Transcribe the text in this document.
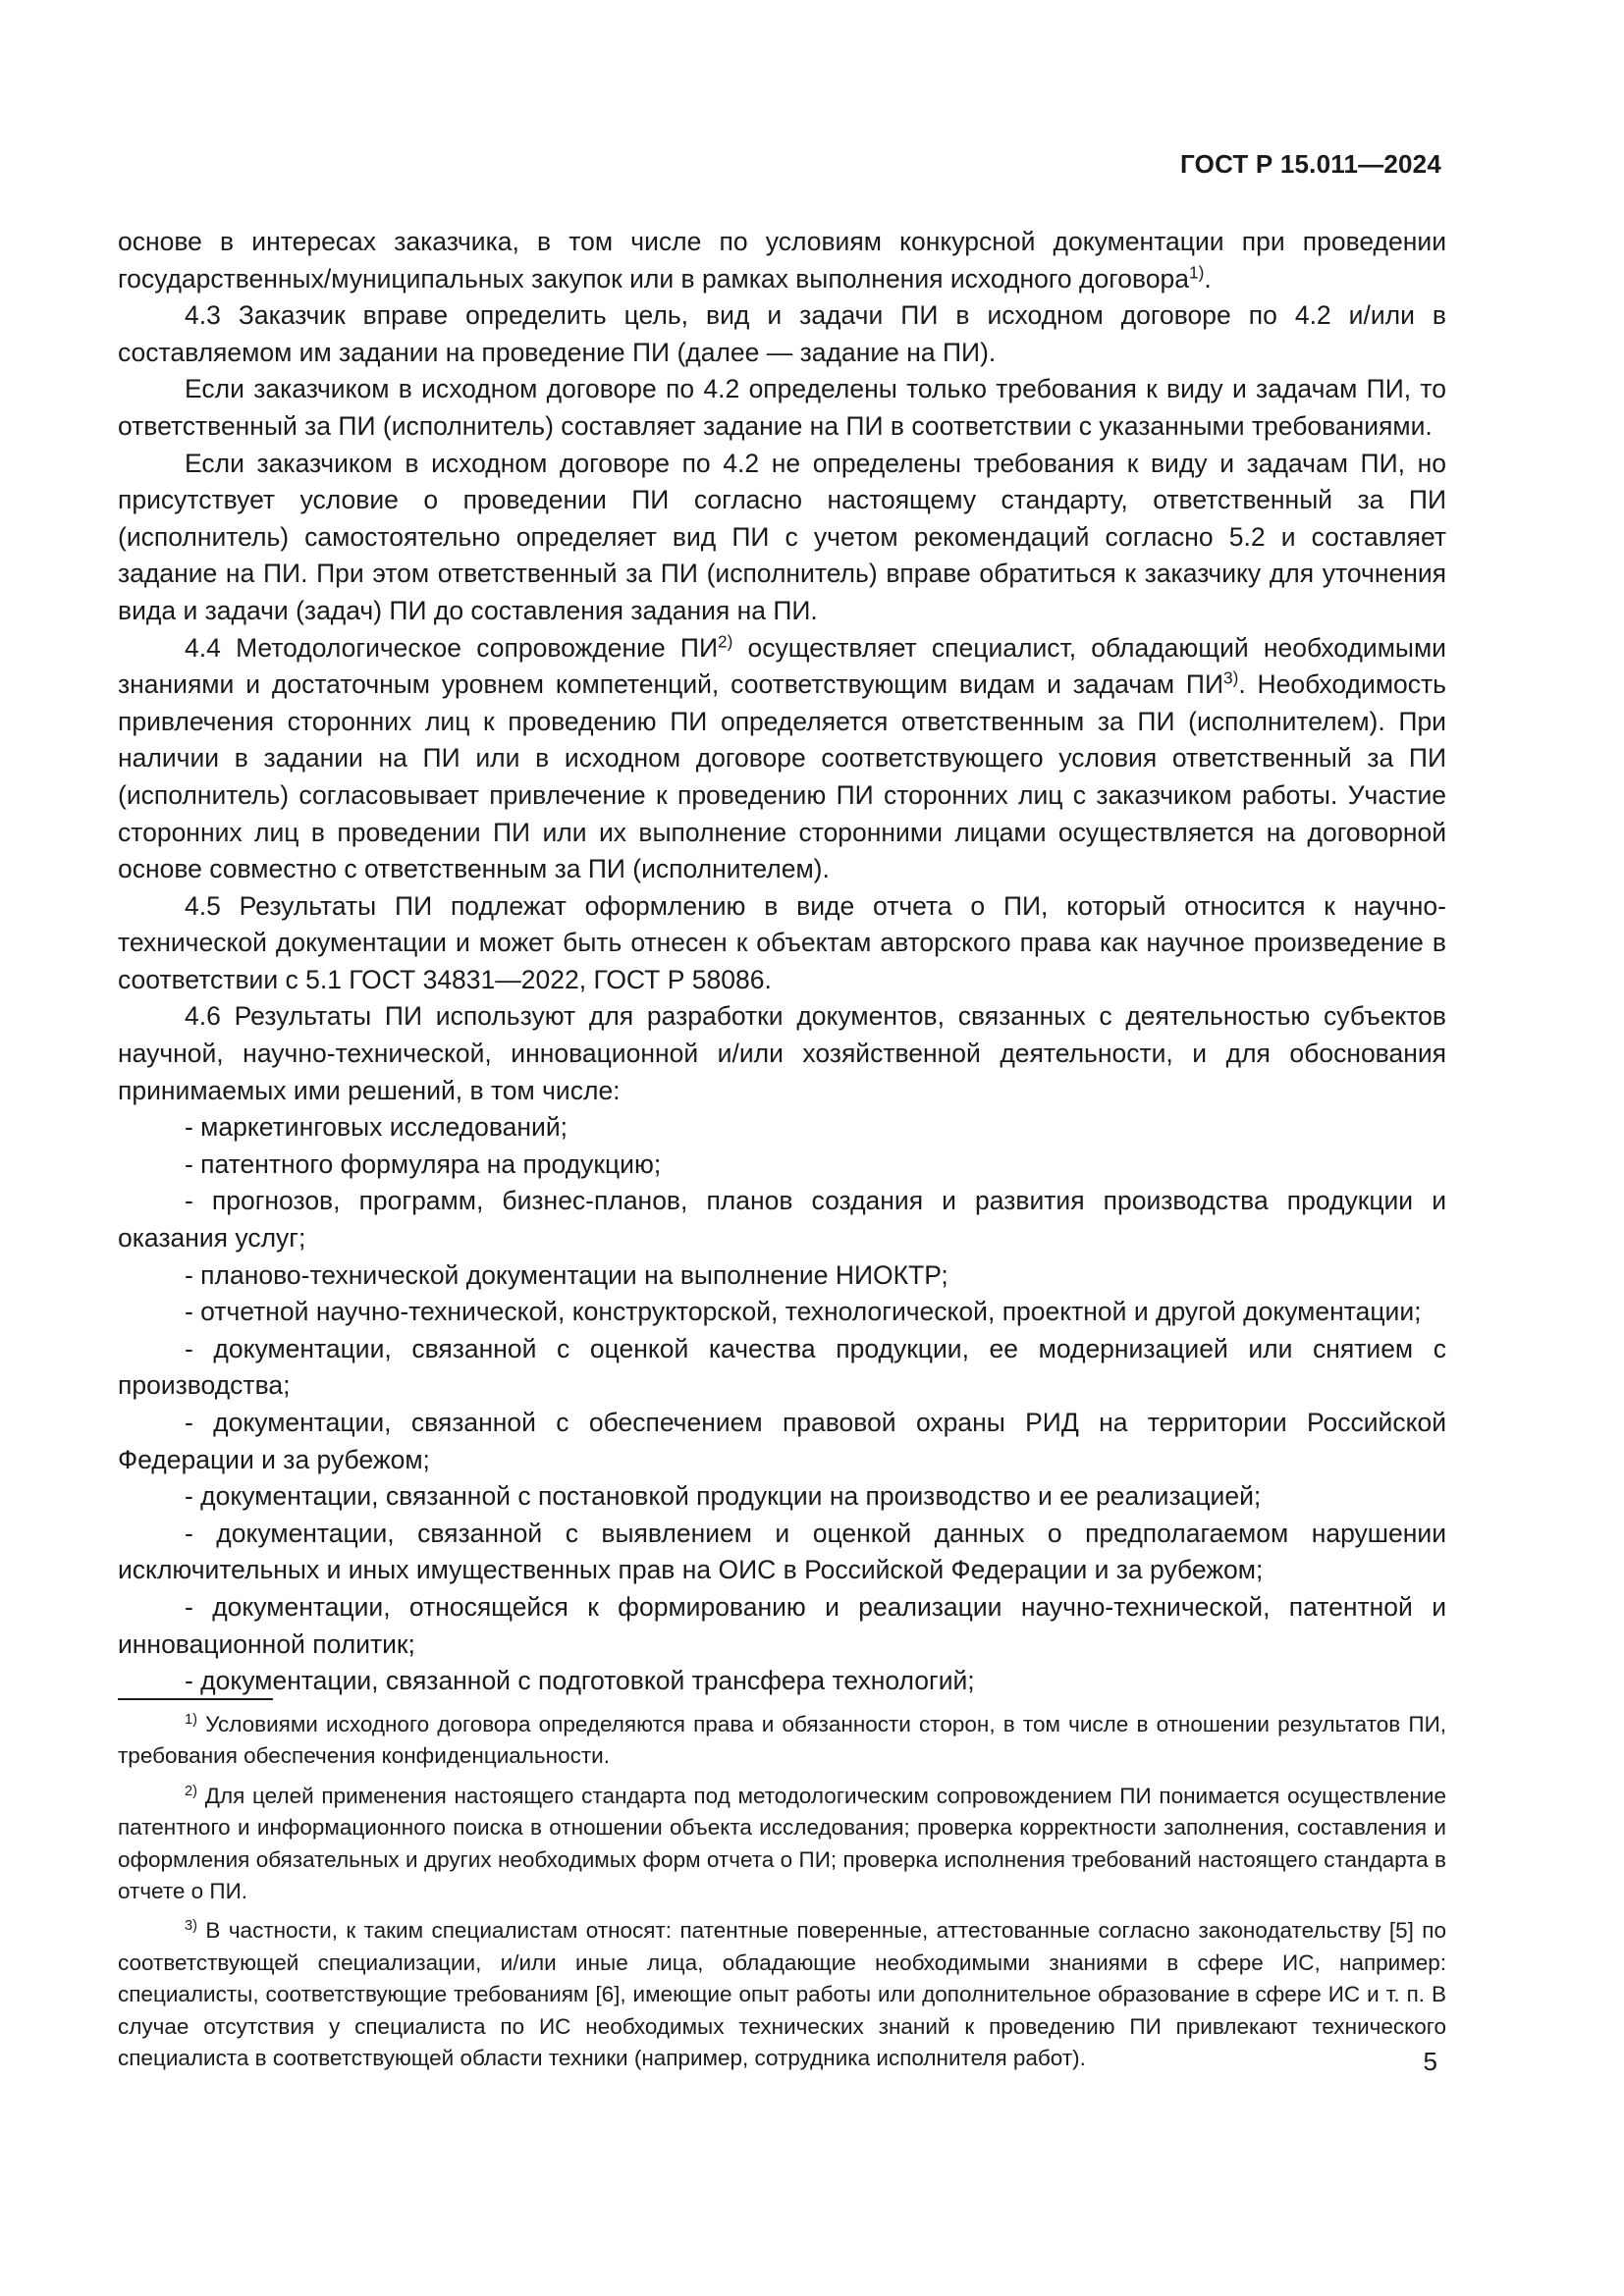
ГОСТ Р 15.011—2024

основе в интересах заказчика, в том числе по условиям конкурсной документации при проведении государственных/муниципальных закупок или в рамках выполнения исходного договора$^{1)}$.

4.3 Заказчик вправе определить цель, вид и задачи ПИ в исходном договоре по 4.2 и/или в составляемом им задании на проведение ПИ (далее — задание на ПИ).

Если заказчиком в исходном договоре по 4.2 определены только требования к виду и задачам ПИ, то ответственный за ПИ (исполнитель) составляет задание на ПИ в соответствии с указанными требованиями.

Если заказчиком в исходном договоре по 4.2 не определены требования к виду и задачам ПИ, но присутствует условие о проведении ПИ согласно настоящему стандарту, ответственный за ПИ (исполнитель) самостоятельно определяет вид ПИ с учетом рекомендаций согласно 5.2 и составляет задание на ПИ. При этом ответственный за ПИ (исполнитель) вправе обратиться к заказчику для уточнения вида и задачи (задач) ПИ до составления задания на ПИ.

4.4 Методологическое сопровождение ПИ$^{2)}$ осуществляет специалист, обладающий необходимыми знаниями и достаточным уровнем компетенций, соответствующим видам и задачам ПИ$^{3)}$. Необходимость привлечения сторонних лиц к проведению ПИ определяется ответственным за ПИ (исполнителем). При наличии в задании на ПИ или в исходном договоре соответствующего условия ответственный за ПИ (исполнитель) согласовывает привлечение к проведению ПИ сторонних лиц с заказчиком работы. Участие сторонних лиц в проведении ПИ или их выполнение сторонними лицами осуществляется на договорной основе совместно с ответственным за ПИ (исполнителем).

4.5 Результаты ПИ подлежат оформлению в виде отчета о ПИ, который относится к научно-технической документации и может быть отнесен к объектам авторского права как научное произведение в соответствии с 5.1 ГОСТ 34831—2022, ГОСТ Р 58086.

4.6 Результаты ПИ используют для разработки документов, связанных с деятельностью субъектов научной, научно-технической, инновационной и/или хозяйственной деятельности, и для обоснования принимаемых ими решений, в том числе:

- маркетинговых исследований;

- патентного формуляра на продукцию;

- прогнозов, программ, бизнес-планов, планов создания и развития производства продукции и оказания услуг;

- планово-технической документации на выполнение НИОКТР;

- отчетной научно-технической, конструкторской, технологической, проектной и другой документации;

- документации, связанной с оценкой качества продукции, ее модернизацией или снятием с производства;

- документации, связанной с обеспечением правовой охраны РИД на территории Российской Федерации и за рубежом;

- документации, связанной с постановкой продукции на производство и ее реализацией;

- документации, связанной с выявлением и оценкой данных о предполагаемом нарушении исключительных и иных имущественных прав на ОИС в Российской Федерации и за рубежом;

- документации, относящейся к формированию и реализации научно-технической, патентной и инновационной политик;

- документации, связанной с подготовкой трансфера технологий;

$^{1)}$ Условиями исходного договора определяются права и обязанности сторон, в том числе в отношении результатов ПИ, требования обеспечения конфиденциальности.

$^{2)}$ Для целей применения настоящего стандарта под методологическим сопровождением ПИ понимается осуществление патентного и информационного поиска в отношении объекта исследования; проверка корректности заполнения, составления и оформления обязательных и других необходимых форм отчета о ПИ; проверка исполнения требований настоящего стандарта в отчете о ПИ.

$^{3)}$ В частности, к таким специалистам относят: патентные поверенные, аттестованные согласно законодательству [5] по соответствующей специализации, и/или иные лица, обладающие необходимыми знаниями в сфере ИС, например: специалисты, соответствующие требованиям [6], имеющие опыт работы или дополнительное образование в сфере ИС и т. п. В случае отсутствия у специалиста по ИС необходимых технических знаний к проведению ПИ привлекают технического специалиста в соответствующей области техники (например, сотрудника исполнителя работ).	5
